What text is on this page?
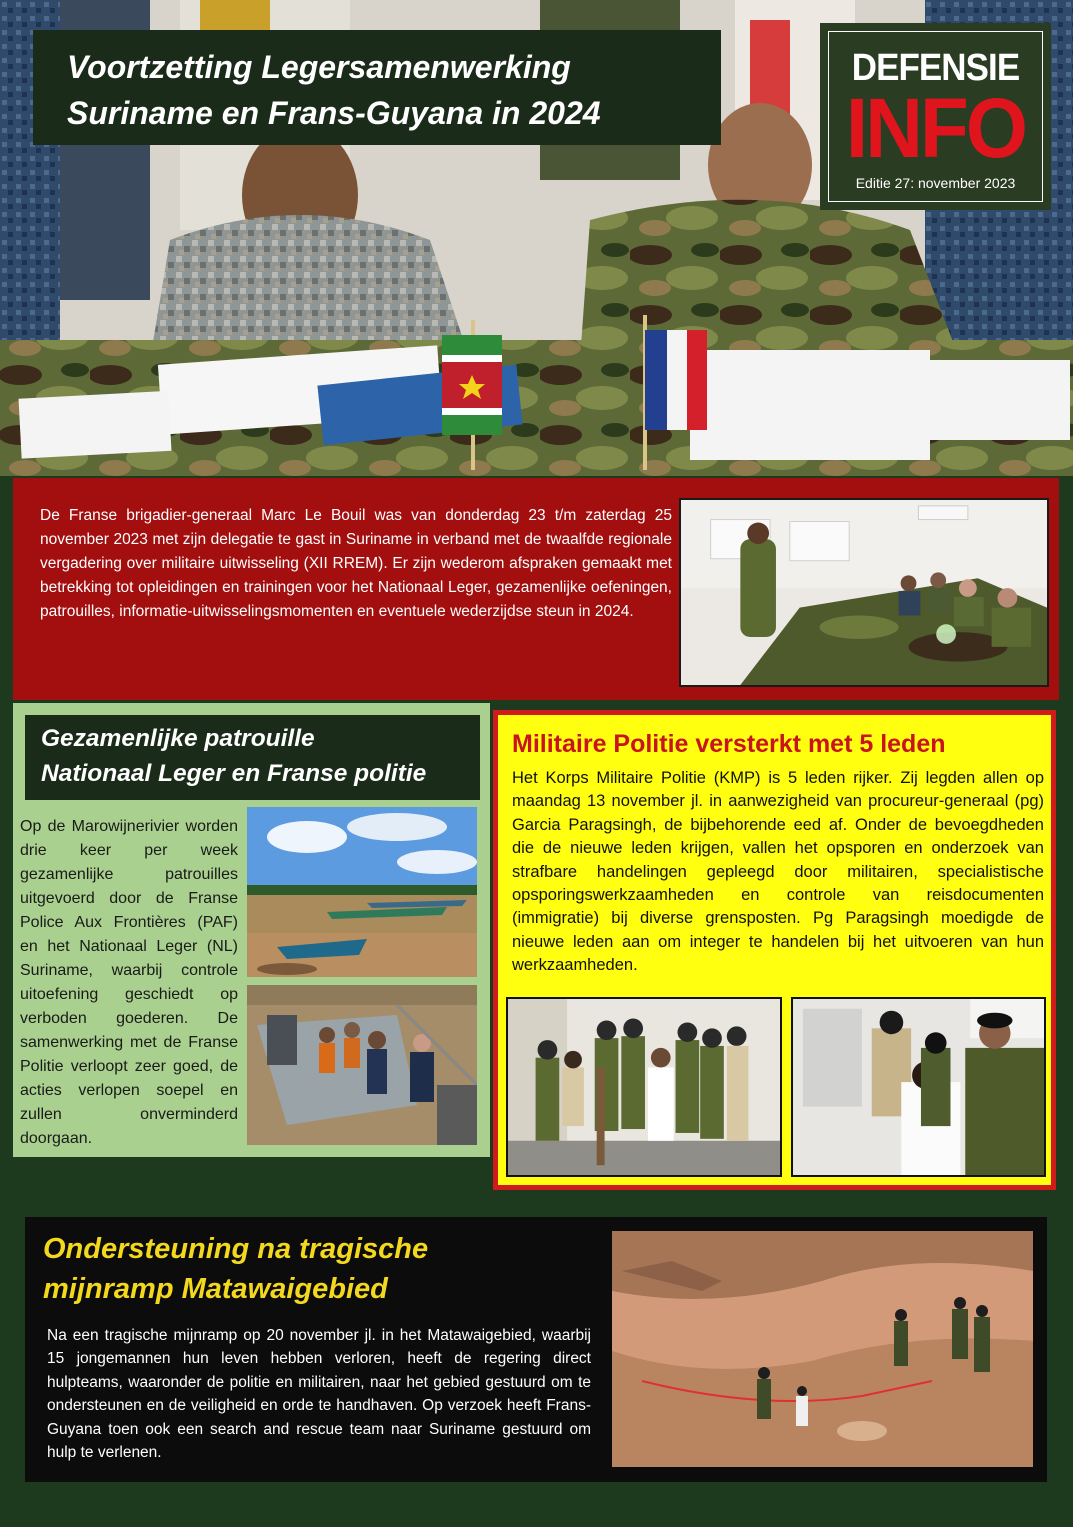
Voortzetting Legersamenwerking
Suriname en Frans-Guyana in 2024
DEFENSIE
INFO
Editie 27: november 2023

De Franse brigadier-generaal Marc Le Bouil was van donderdag 23 t/m zaterdag 25 november 2023 met zijn delegatie te gast in Suriname in verband met de twaalfde regionale vergadering over militaire uitwisseling (XII RREM). Er zijn wederom afspraken gemaakt met betrekking tot opleidingen en trainingen voor het Nationaal Leger, gezamenlijke oefeningen, patrouilles, informatie-uitwisselingsmomenten en eventuele wederzijdse steun in 2024.

Gezamenlijke patrouille
Nationaal Leger en Franse politie

Op de Marowijnerivier worden drie keer per week gezamenlijke patrouilles uitgevoerd door de Franse Police Aux Frontières (PAF) en het Nationaal Leger (NL) Suriname, waarbij controle uitoefening geschiedt op verboden goederen. De samenwerking met de Franse Politie verloopt zeer goed, de acties verlopen soepel en zullen onverminderd doorgaan.

Militaire Politie versterkt met 5 leden

Het Korps Militaire Politie (KMP) is 5 leden rijker. Zij legden allen op maandag 13 november jl. in aanwezigheid van procureur-generaal (pg) Garcia Paragsingh, de bijbehorende eed af. Onder de bevoegdheden die de nieuwe leden krijgen, vallen het opsporen en onderzoek van strafbare handelingen gepleegd door militairen, specialistische opsporingswerkzaamheden en controle van reisdocumenten (immigratie) bij diverse grensposten. Pg Paragsingh moedigde de nieuwe leden aan om integer te handelen bij het uitvoeren van hun werkzaamheden.

Ondersteuning na tragische
mijnramp Matawaigebied

Na een tragische mijnramp op 20 november jl. in het Matawaigebied, waarbij 15 jongemannen hun leven hebben verloren, heeft de regering direct hulpteams, waaronder de politie en militairen, naar het gebied gestuurd om te ondersteunen en de veiligheid en orde te handhaven. Op verzoek heeft Frans-Guyana toen ook een search and rescue team naar Suriname gestuurd om hulp te verlenen.
